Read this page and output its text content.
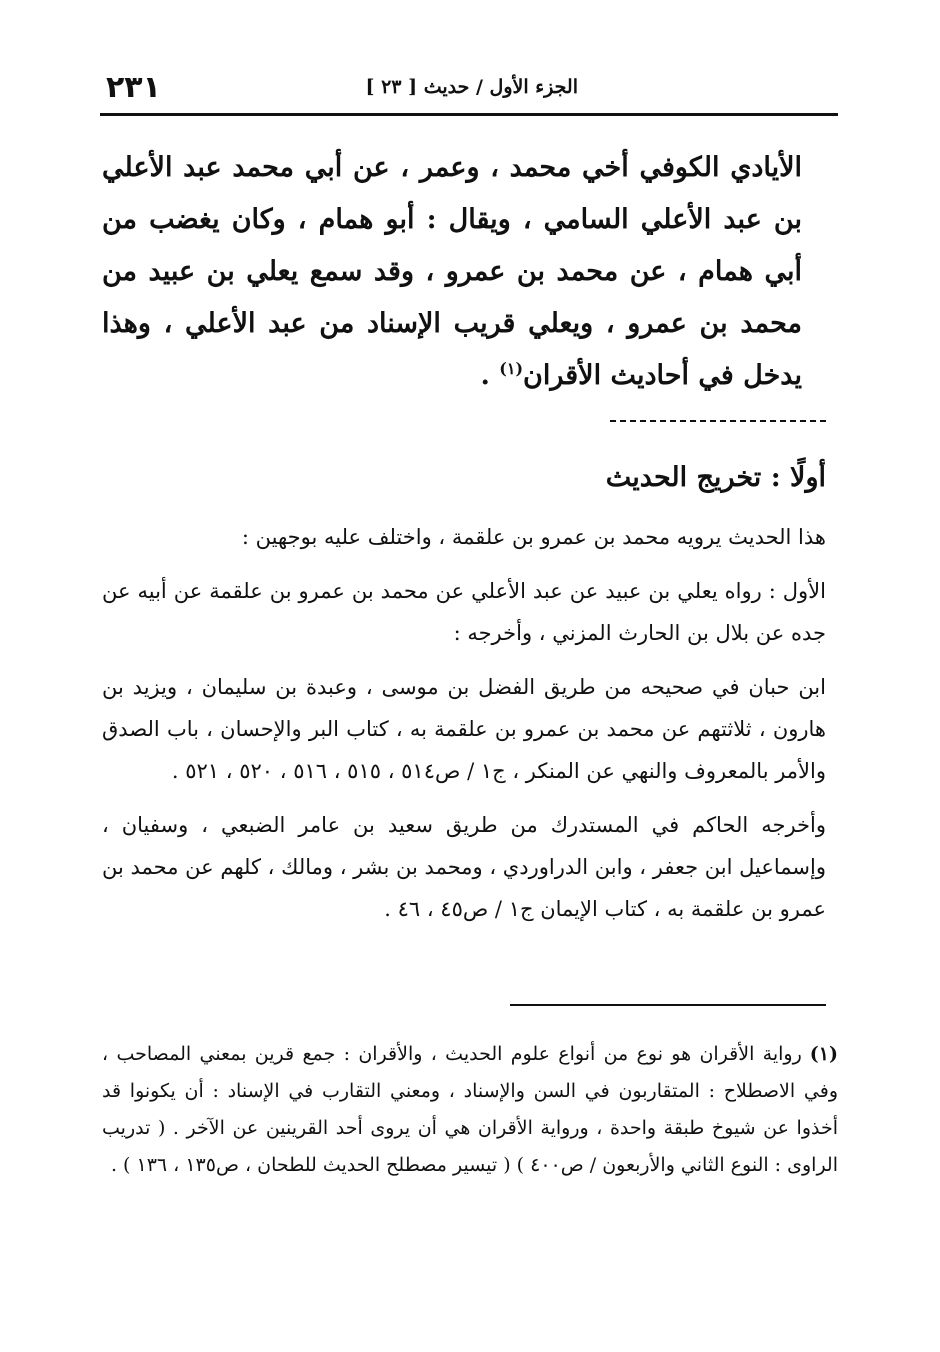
٢٣١	الجزء الأول / حديث [ ٢٣ ]

الأيادي الكوفي أخي محمد ، وعمر ، عن أبي محمد عبد الأعلي بن عبد الأعلي السامي ، ويقال : أبو همام ، وكان يغضب من أبي همام ، عن محمد بن عمرو ، وقد سمع يعلي بن عبيد من محمد بن عمرو ، ويعلي قريب الإسناد من عبد الأعلي ، وهذا يدخل في أحاديث الأقران$^{(١)}$ .

أولًا : تخريج الحديث

هذا الحديث يرويه محمد بن عمرو بن علقمة ، واختلف عليه بوجهين :

الأول : رواه يعلي بن عبيد عن عبد الأعلي عن محمد بن عمرو بن علقمة عن أبيه عن جده عن بلال بن الحارث المزني ، وأخرجه :

ابن حبان في صحيحه من طريق الفضل بن موسى ، وعبدة بن سليمان ، ويزيد بن هارون ، ثلاثتهم عن محمد بن عمرو بن علقمة به ، كتاب البر والإحسان ، باب الصدق والأمر بالمعروف والنهي عن المنكر ، ج١ / ص٥١٤ ، ٥١٥ ، ٥١٦ ، ٥٢٠ ، ٥٢١ .

وأخرجه الحاكم في المستدرك من طريق سعيد بن عامر الضبعي ، وسفيان ، وإسماعيل ابن جعفر ، وابن الدراوردي ، ومحمد بن بشر ، ومالك ، كلهم عن محمد بن عمرو بن علقمة به ، كتاب الإيمان ج١ / ص٤٥ ، ٤٦ .

(١)رواية الأقران هو نوع من أنواع علوم الحديث ، والأقران : جمع قرين بمعني المصاحب ، وفي الاصطلاح : المتقاربون في السن والإسناد ، ومعني التقارب في الإسناد : أن يكونوا قد أخذوا عن شيوخ طبقة واحدة ، ورواية الأقران هي أن يروى أحد القرينين عن الآخر . ( تدريب الراوى : النوع الثاني والأربعون / ص٤٠٠ ) ( تيسير مصطلح الحديث للطحان ، ص١٣٥ ، ١٣٦ ) .
